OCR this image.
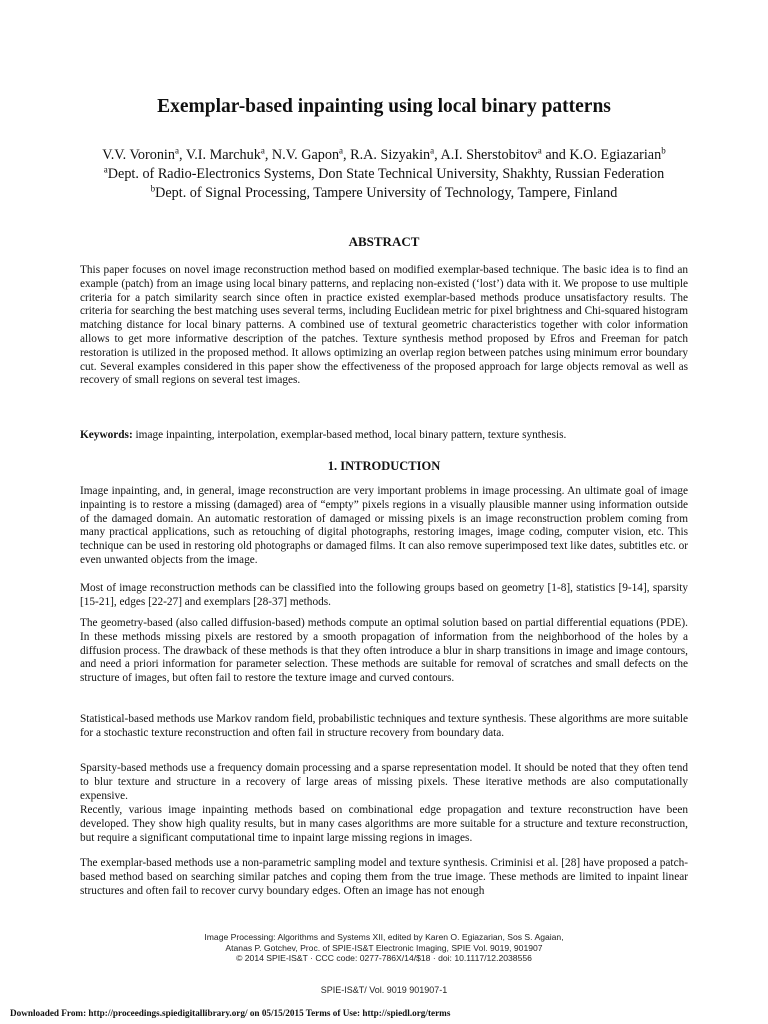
Exemplar-based inpainting using local binary patterns
V.V. Voronin$^a$, V.I. Marchuk$^a$, N.V. Gapon$^a$, R.A. Sizyakin$^a$, A.I. Sherstobitov$^a$ and K.O. Egiazarian$^b$
$^a$Dept. of Radio-Electronics Systems, Don State Technical University, Shakhty, Russian Federation
$^b$Dept. of Signal Processing, Tampere University of Technology, Tampere, Finland
ABSTRACT

This paper focuses on novel image reconstruction method based on modified exemplar-based technique. The basic idea is to find an example (patch) from an image using local binary patterns, and replacing non-existed (‘lost’) data with it. We propose to use multiple criteria for a patch similarity search since often in practice existed exemplar-based methods produce unsatisfactory results. The criteria for searching the best matching uses several terms, including Euclidean metric for pixel brightness and Chi-squared histogram matching distance for local binary patterns. A combined use of textural geometric characteristics together with color information allows to get more informative description of the patches. Texture synthesis method proposed by Efros and Freeman for patch restoration is utilized in the proposed method. It allows optimizing an overlap region between patches using minimum error boundary cut. Several examples considered in this paper show the effectiveness of the proposed approach for large objects removal as well as recovery of small regions on several test images.

Keywords: image inpainting, interpolation, exemplar-based method, local binary pattern, texture synthesis.

1. INTRODUCTION

Image inpainting, and, in general, image reconstruction are very important problems in image processing. An ultimate goal of image inpainting is to restore a missing (damaged) area of “empty” pixels regions in a visually plausible manner using information outside of the damaged domain. An automatic restoration of damaged or missing pixels is an image reconstruction problem coming from many practical applications, such as retouching of digital photographs, restoring images, image coding, computer vision, etc. This technique can be used in restoring old photographs or damaged films. It can also remove superimposed text like dates, subtitles etc. or even unwanted objects from the image.

Most of image reconstruction methods can be classified into the following groups based on geometry [1-8], statistics [9-14], sparsity [15-21], edges [22-27] and exemplars [28-37] methods.

The geometry-based (also called diffusion-based) methods compute an optimal solution based on partial differential equations (PDE). In these methods missing pixels are restored by a smooth propagation of information from the neighborhood of the holes by a diffusion process. The drawback of these methods is that they often introduce a blur in sharp transitions in image and image contours, and need a priori information for parameter selection. These methods are suitable for removal of scratches and small defects on the structure of images, but often fail to restore the texture image and curved contours.

Statistical-based methods use Markov random field, probabilistic techniques and texture synthesis. These algorithms are more suitable for a stochastic texture reconstruction and often fail in structure recovery from boundary data.

Sparsity-based methods use a frequency domain processing and a sparse representation model. It should be noted that they often tend to blur texture and structure in a recovery of large areas of missing pixels. These iterative methods are also computationally expensive.

Recently, various image inpainting methods based on combinational edge propagation and texture reconstruction have been developed. They show high quality results, but in many cases algorithms are more suitable for a structure and texture reconstruction, but require a significant computational time to inpaint large missing regions in images.

The exemplar-based methods use a non-parametric sampling model and texture synthesis. Criminisi et al. [28] have proposed a patch-based method based on searching similar patches and coping them from the true image. These methods are limited to inpaint linear structures and often fail to recover curvy boundary edges. Often an image has not enough

Image Processing: Algorithms and Systems XII, edited by Karen O. Egiazarian, Sos S. Agaian,
Atanas P. Gotchev, Proc. of SPIE-IS&T Electronic Imaging, SPIE Vol. 9019, 901907
© 2014 SPIE-IS&T · CCC code: 0277-786X/14/$18 · doi: 10.1117/12.2038556
SPIE-IS&T/ Vol. 9019 901907-1
Downloaded From: http://proceedings.spiedigitallibrary.org/ on 05/15/2015 Terms of Use: http://spiedl.org/terms
